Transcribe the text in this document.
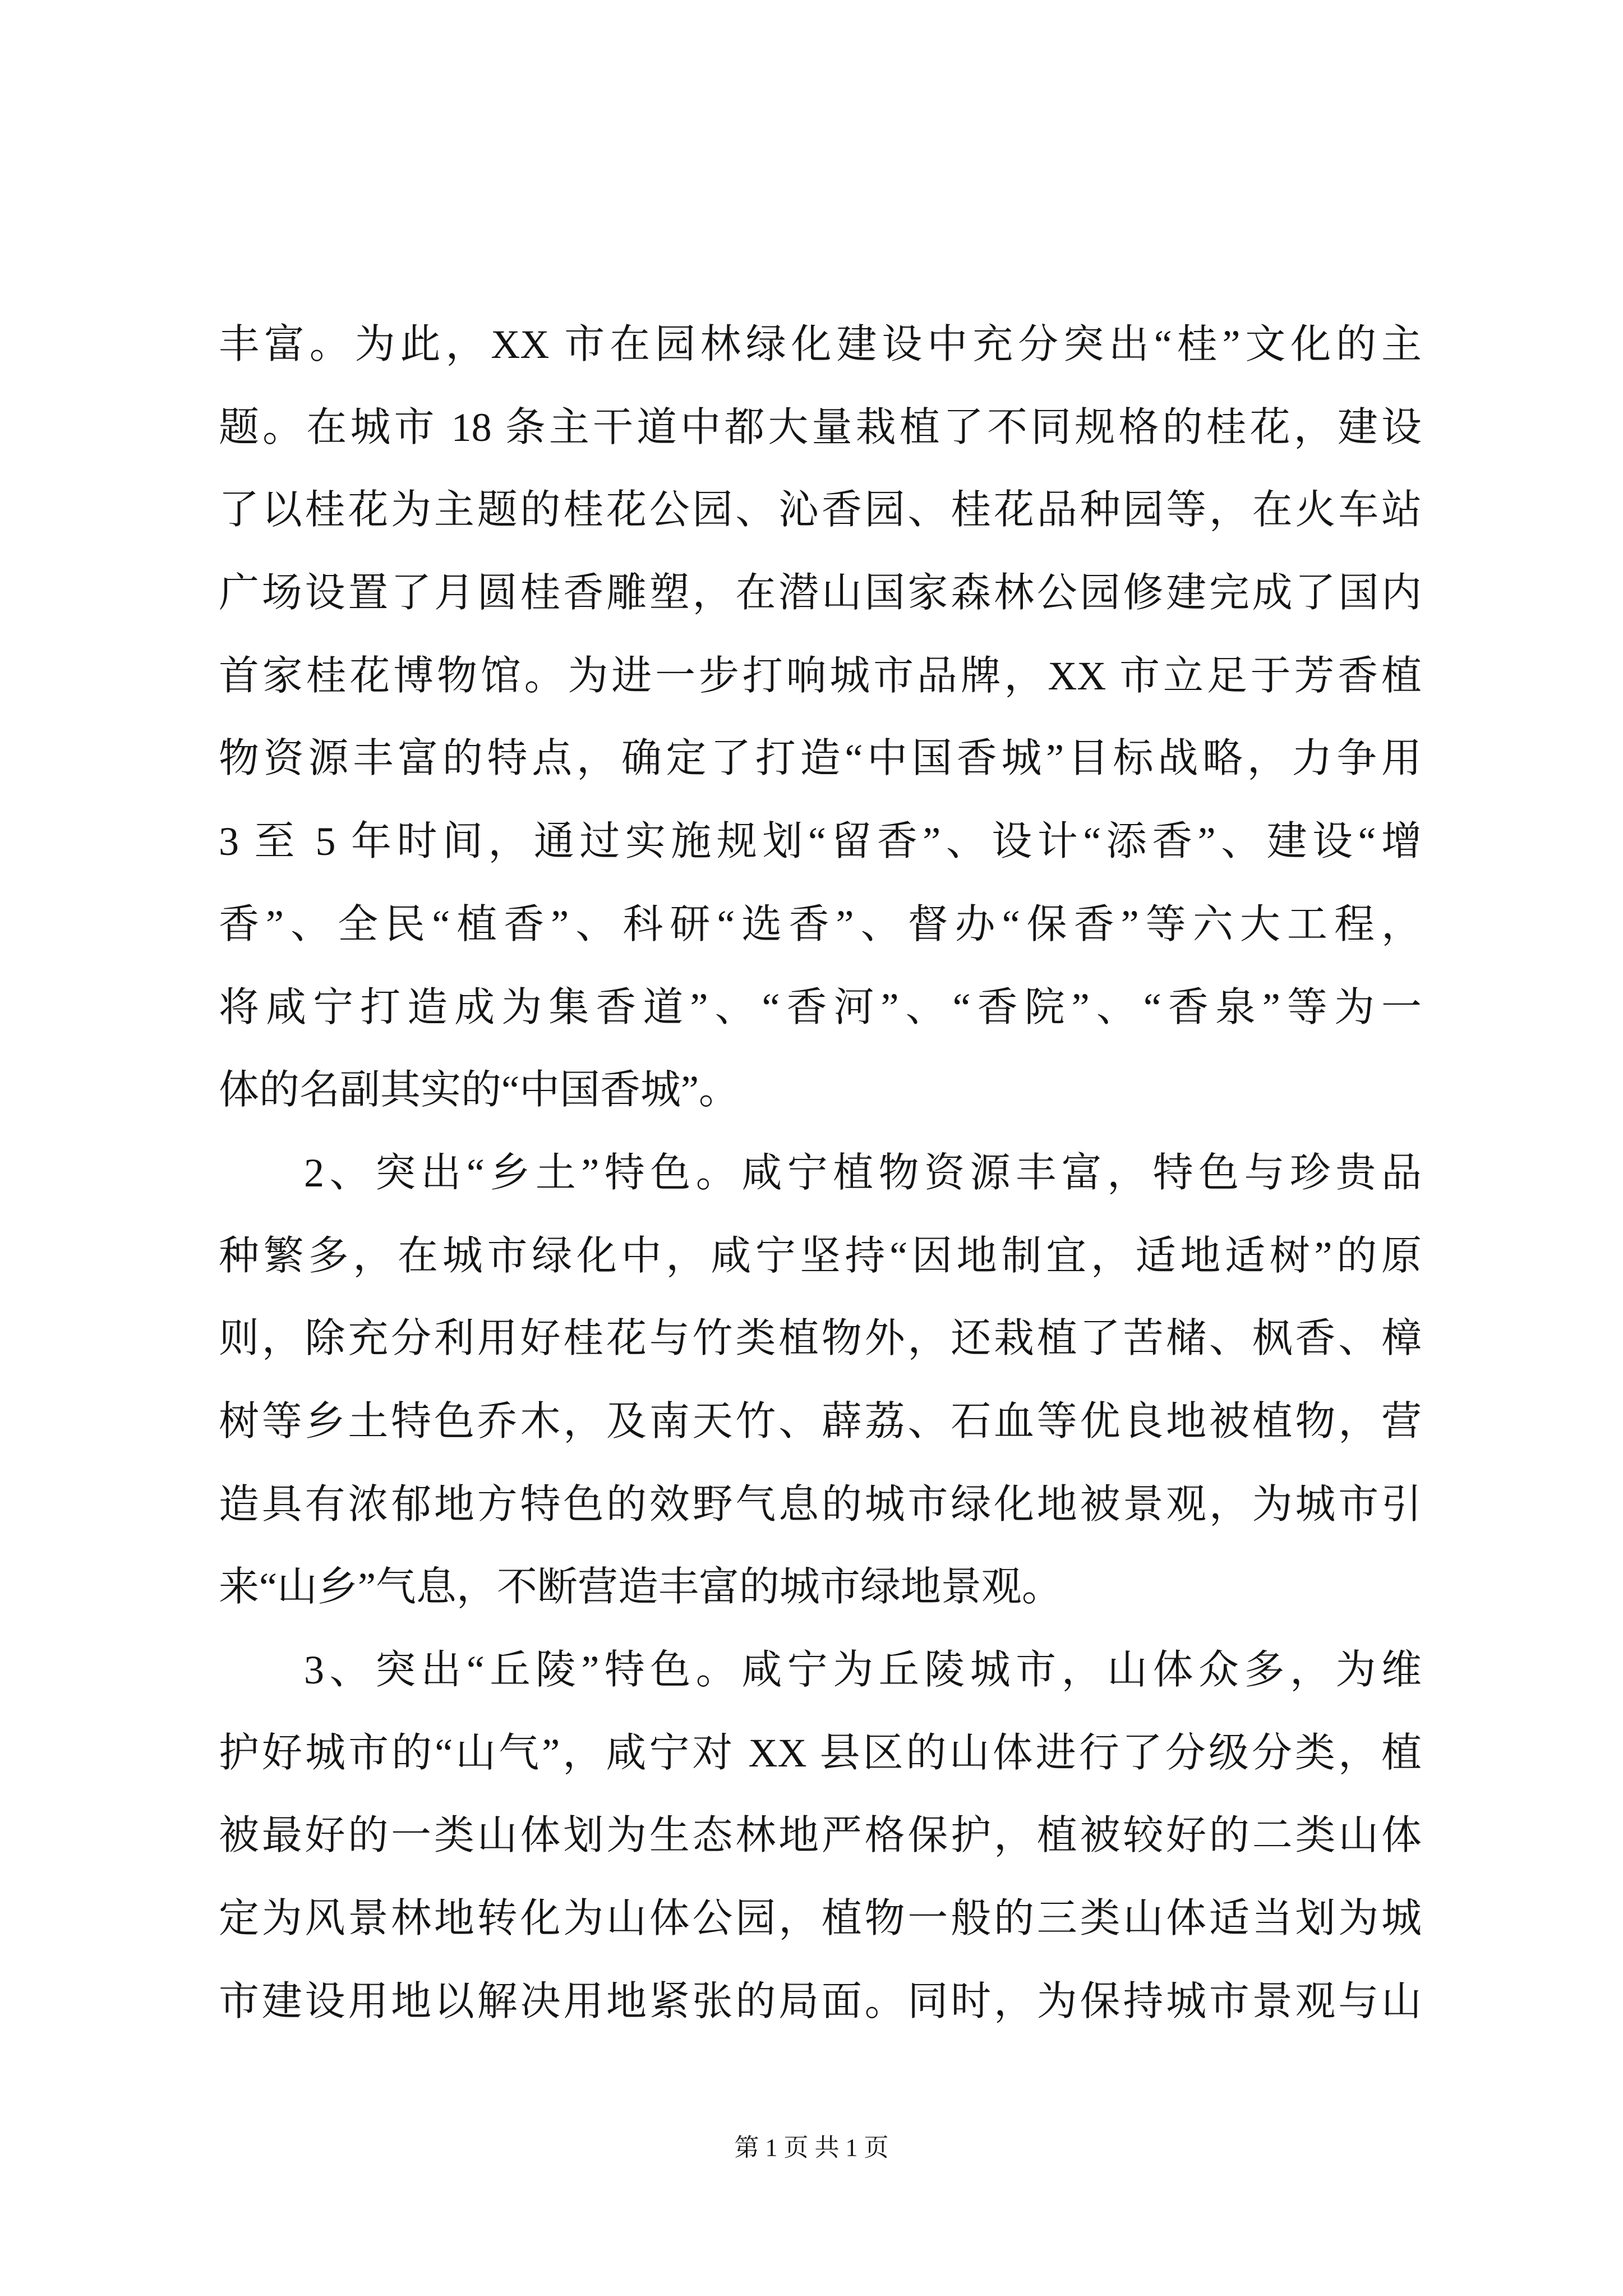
丰富。为此，XX 市在园林绿化建设中充分突出“桂”文化的主
题。在城市 18 条主干道中都大量栽植了不同规格的桂花，建设
了以桂花为主题的桂花公园、沁香园、桂花品种园等，在火车站
广场设置了月圆桂香雕塑，在潜山国家森林公园修建完成了国内
首家桂花博物馆。为进一步打响城市品牌，XX 市立足于芳香植
物资源丰富的特点，确定了打造“中国香城”目标战略，力争用
3 至 5 年时间，通过实施规划“留香”、设计“添香”、建设“增
香”、全民“植香”、科研“选香”、督办“保香”等六大工程，
将咸宁打造成为集香道”、“香河”、“香院”、“香泉”等为一
体的名副其实的“中国香城”。
2、突出“乡土”特色。咸宁植物资源丰富，特色与珍贵品
种繁多，在城市绿化中，咸宁坚持“因地制宜，适地适树”的原
则，除充分利用好桂花与竹类植物外，还栽植了苦槠、枫香、樟
树等乡土特色乔木，及南天竹、薜荔、石血等优良地被植物，营
造具有浓郁地方特色的效野气息的城市绿化地被景观，为城市引
来“山乡”气息，不断营造丰富的城市绿地景观。
3、突出“丘陵”特色。咸宁为丘陵城市，山体众多，为维
护好城市的“山气”，咸宁对 XX 县区的山体进行了分级分类，植
被最好的一类山体划为生态林地严格保护，植被较好的二类山体
定为风景林地转化为山体公园，植物一般的三类山体适当划为城
市建设用地以解决用地紧张的局面。同时，为保持城市景观与山
第 1 页 共 1 页
